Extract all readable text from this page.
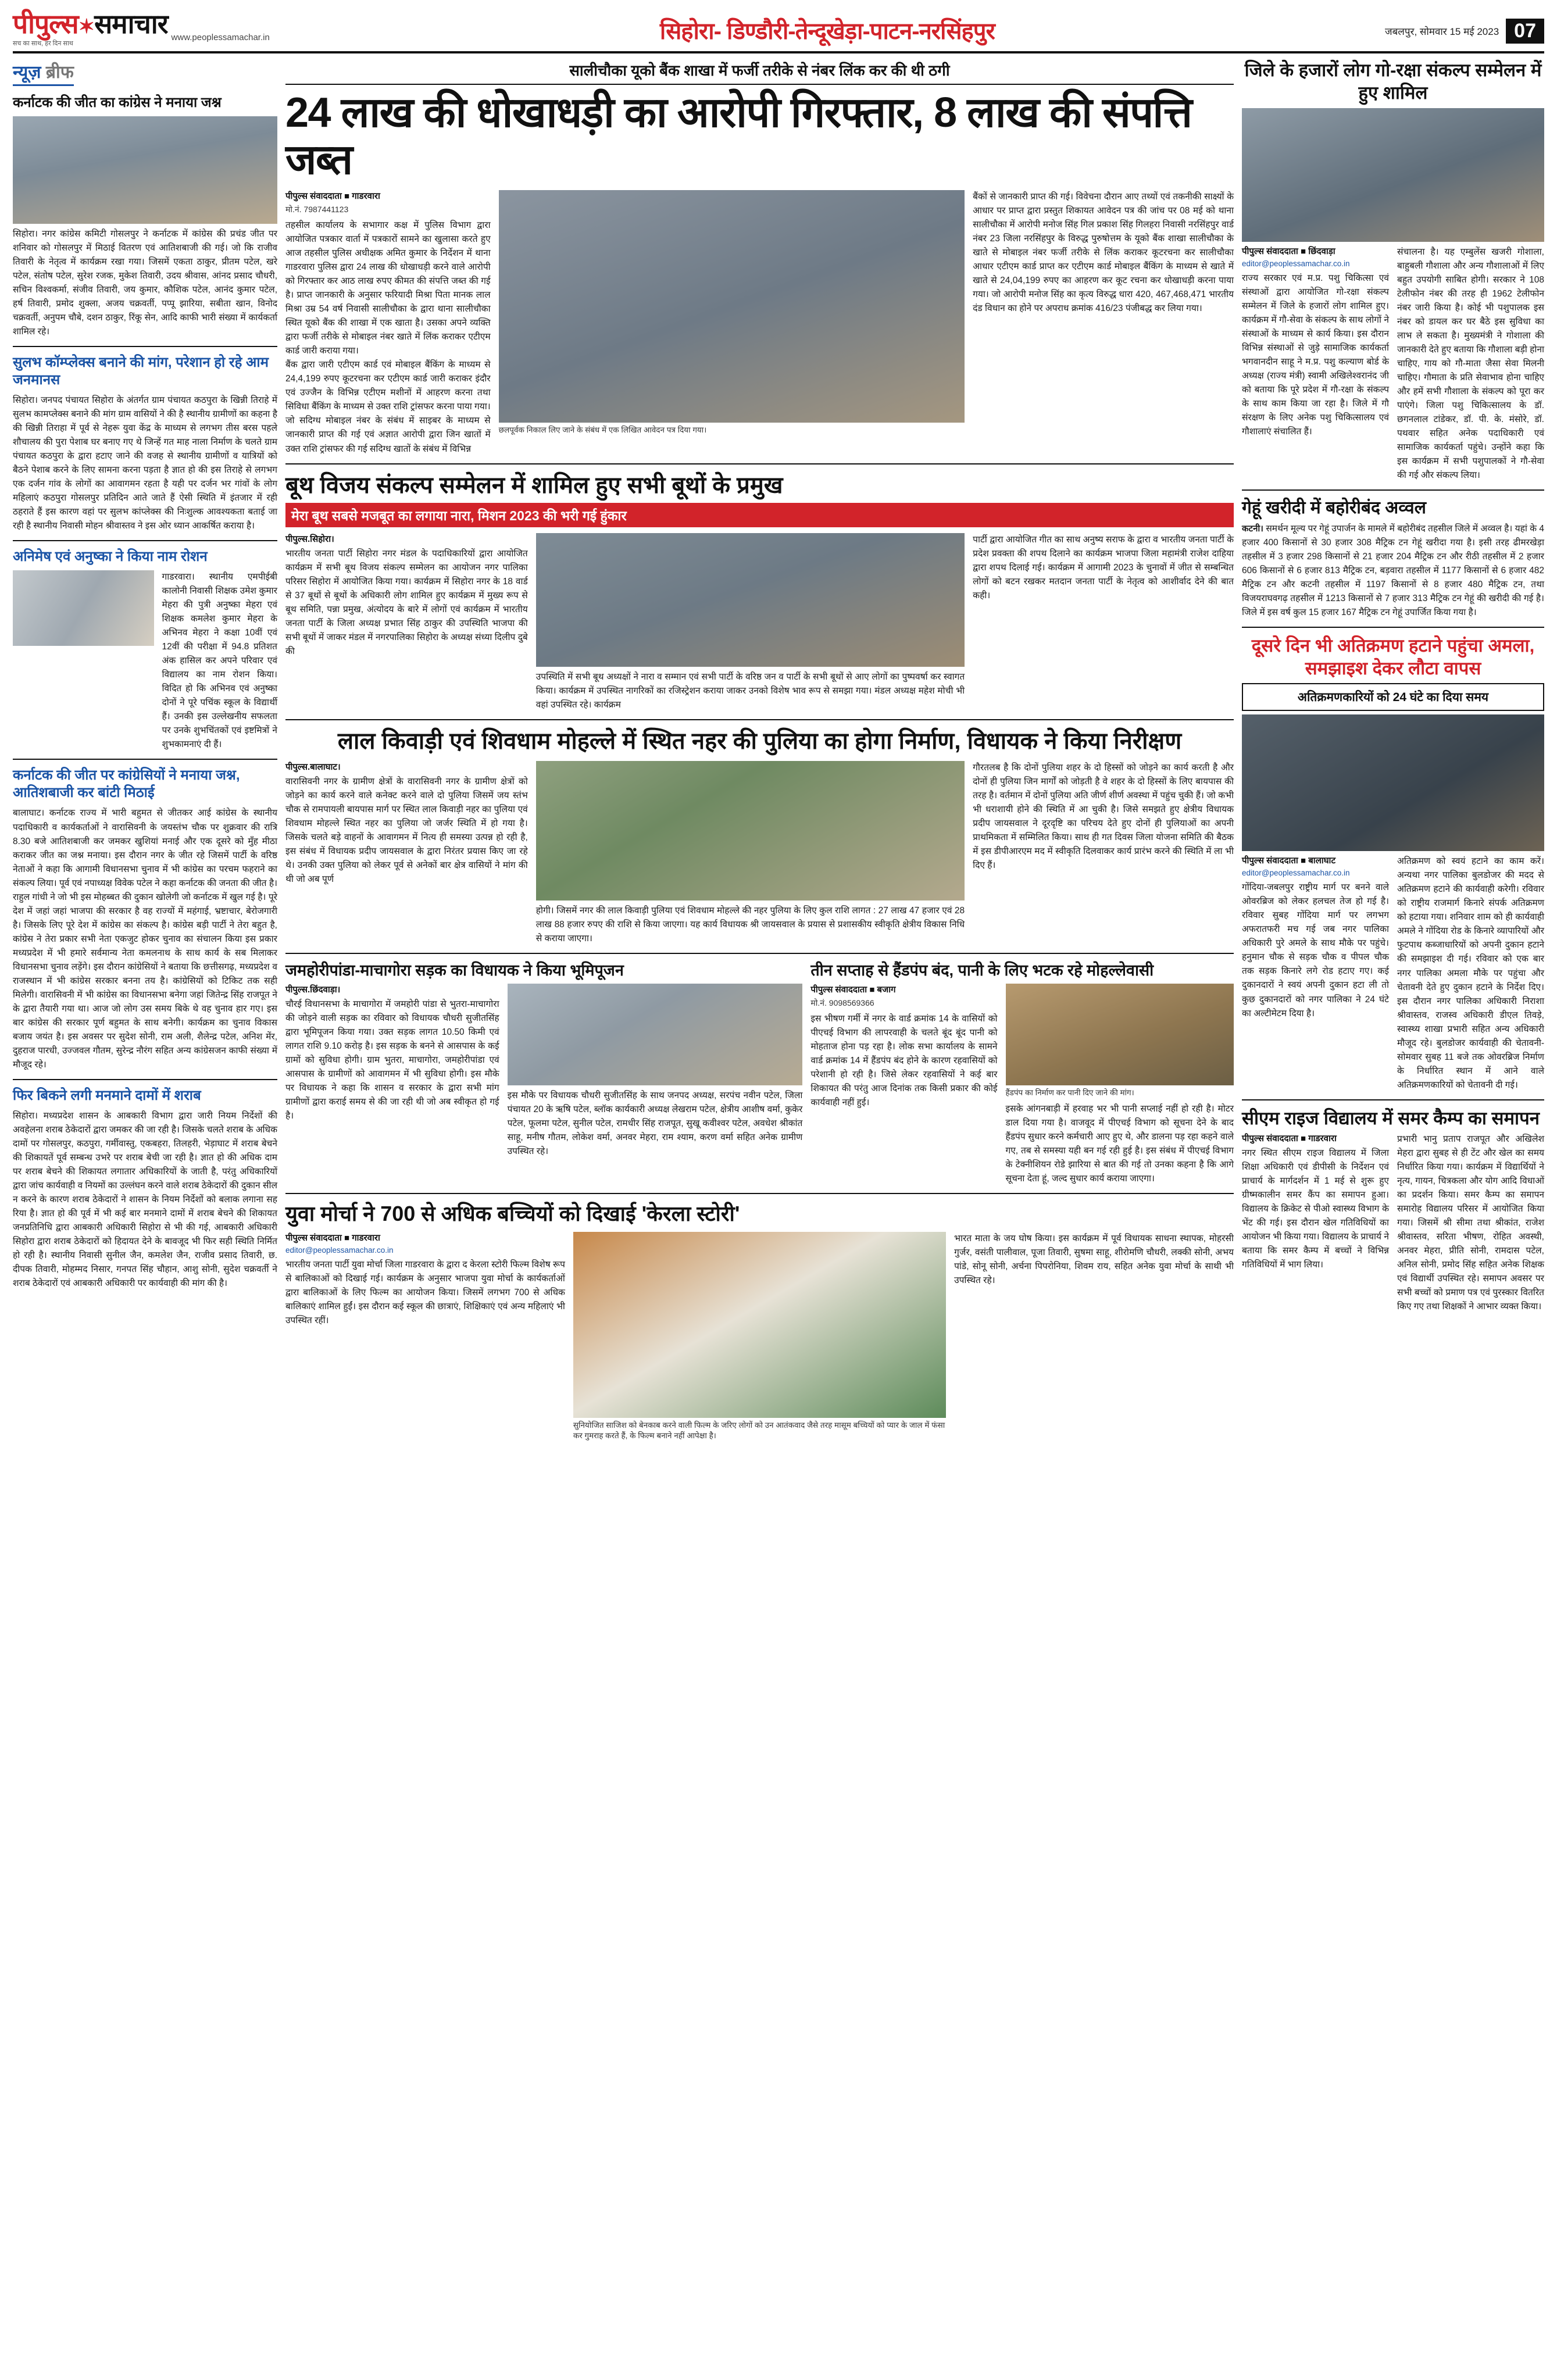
पीपुल्स✶समाचार
सच का साथ, हर दिन साथ
www.peoplessamachar.in	सिहोरा- डिण्डौरी-तेन्दूखेड़ा-पाटन-नरसिंहपुर	जबलपुर, सोमवार 15 मई 2023 07
न्यूज़ ब्रीफ
कर्नाटक की जीत का कांग्रेस ने मनाया जश्न
सिहोरा। नगर कांग्रेस कमिटी गोसलपुर ने कर्नाटक में कांग्रेस की प्रचंड जीत पर शनिवार को गोसलपुर में मिठाई वितरण एवं आतिशबाजी की गई। जो कि राजीव तिवारी के नेतृत्व में कार्यक्रम रखा गया। जिसमें एकता ठाकुर, प्रीतम पटेल, खरे पटेल, संतोष पटेल, सुरेश रजक, मुकेश तिवारी, उदय श्रीवास, आंनद प्रसाद चौधरी, सचिन विश्वकर्मा, संजीव तिवारी, जय कुमार, कौशिक पटेल, आनंद कुमार पटेल, हर्ष तिवारी, प्रमोद शुक्ला, अजय चक्रवर्ती, पप्पू झारिया, सबीता खान, विनोद चक्रवर्ती, अनुपम चौबे, दशन ठाकुर, रिंकू सेन, आदि काफी भारी संख्या में कार्यकर्ता शामिल रहे।
सुलभ कॉम्प्लेक्स बनाने की मांग, परेशान हो रहे आम जनमानस
सिहोरा। जनपद पंचायत सिहोरा के अंतर्गत ग्राम पंचायत कठपुरा के खिन्नी तिराहे में सुलभ कामप्लेक्स बनाने की मांग ग्राम वासियों ने की है स्थानीय ग्रामीणों का कहना है की खिन्नी तिराहा में पूर्व से नेहरू युवा केंद्र के माध्यम से लगभग तीस बरस पहले शौचालय की पुरा पेशाब घर बनाए गए थे जिन्हें गत माह नाला निर्माण के चलते ग्राम पंचायत कठपुरा के द्वारा हटाए जाने की वजह से स्थानीय ग्रामीणों व यात्रियों को बैठने पेशाब करने के लिए सामना करना पड़ता है ज्ञात हो की इस तिराहे से लगभग एक दर्जन गांव के लोगों का आवागमन रहता है यही पर दर्जन भर गांवों के लोग महिलाएं कठपुरा गोसलपुर प्रतिदिन आते जाते हैं ऐसी स्थिति में इंतजार में रही ठहराते हैं इस कारण वहां पर सुलभ कांप्लेक्स की निःशुल्क आवश्यकता बताई जा रही है स्थानीय निवासी मोहन श्रीवास्तव ने इस ओर ध्यान आकर्षित कराया है।
अनिमेष एवं अनुष्का ने किया नाम रोशन
गाडरवारा। स्थानीय एमपीईबी कालोनी निवासी शिक्षक उमेश कुमार मेहरा की पुत्री अनुष्का मेहरा एवं शिक्षक कमलेश कुमार मेहरा के अभिनव मेहरा ने कक्षा 10वीं एवं 12वीं की परीक्षा में 94.8 प्रतिशत अंक हासिल कर अपने परिवार एवं विद्यालय का नाम रोशन किया। विदित हो कि अभिनव एवं अनुष्का दोनों ने पूरे पचिंक स्कूल के विद्यार्थी हैं। उनकी इस उल्लेखनीय सफलता पर उनके शुभचिंतकों एवं इष्टमित्रों ने शुभकामनाएं दी हैं।
कर्नाटक की जीत पर कांग्रेसियों ने मनाया जश्न, आतिशबाजी कर बांटी मिठाई
बालाघाट। कर्नाटक राज्य में भारी बहुमत से जीतकर आई कांग्रेस के स्थानीय पदाधिकारी व कार्यकर्ताओं ने वारासिवनी के जयस्तंभ चौक पर शुक्रवार की रात्रि 8.30 बजे आतिशबाजी कर जमकर खुशियां मनाई और एक दूसरे को मुँह मीठा कराकर जीत का जश्न मनाया। इस दौरान नगर के जीत रहे जिसमें पार्टी के वरिष्ठ नेताओं ने कहा कि आगामी विधानसभा चुनाव में भी कांग्रेस का परचम फहराने का संकल्प लिया। पूर्व एवं नपाध्यक्ष विवेक पटेल ने कहा कर्नाटक की जनता की जीत है। राहुल गांधी ने जो भी इस मोहब्बत की दुकान खोलेगी जो कर्नाटक में खुल गई है। पूरे देश में जहां जहां भाजपा की सरकार है वह राज्यों में महंगाई, भ्रष्टाचार, बेरोजगारी है। जिसके लिए पूरे देश में कांग्रेस का संकल्प है। कांग्रेस बड़ी पार्टी ने तेरा बहुत है, कांग्रेस ने तेरा प्रकार सभी नेता एकजुट होकर चुनाव का संचालन किया इस प्रकार मध्यप्रदेश में भी हमारे सर्वमान्य नेता कमलनाथ के साथ कार्य के सब मिलाकर विधानसभा चुनाव लड़ेंगे। इस दौरान कांग्रेसियों ने बताया कि छत्तीसगढ़, मध्यप्रदेश व राजस्थान में भी कांग्रेस सरकार बनना तय है। कांग्रेसियों को टिकिट तक सही मिलेगी। वारासिवनी में भी कांग्रेस का विधानसभा बनेगा जहां जितेन्द्र सिंह राजपूत ने के द्वारा तैयारी गया था। आज जो लोग उस समय बिके थे वह चुनाव हार गए। इस बार कांग्रेस की सरकार पूर्ण बहुमत के साथ बनेगी। कार्यक्रम का चुनाव विकास बजाय जयंत है। इस अवसर पर सुदेश सोनी, राम अली, शैलेन्द्र पटेल, अनिश मेंर, दुहराज पारधी, उज्जवल गौतम, सुरेन्द्र नौरंग सहित अन्य कांग्रेसजन काफी संख्या में मौजूद रहे।
फिर बिकने लगी मनमाने दामों में शराब
सिहोरा। मध्यप्रदेश शासन के आबकारी विभाग द्वारा जारी नियम निर्देशों की अवहेलना शराब ठेकेदारों द्वारा जमकर की जा रही है। जिसके चलते शराब के अधिक दामों पर गोसलपुर, कठपुरा, गर्मीवास्तु, एकबहरा, तिलहरी, भेड़ाघाट में शराब बेचने की शिकायतें पूर्व सम्बन्ध उभरे पर शराब बेची जा रही है। ज्ञात हो की अधिक दाम पर शराब बेचने की शिकायत लगातार अधिकारियों के जाती है, परंतु अधिकारियों द्वारा जांच कार्यवाही व नियमों का उल्लंघन करने वाले शराब ठेकेदारों की दुकान सील न करने के कारण शराब ठेकेदारों ने शासन के नियम निर्देशों को बलाक लगाना सह रिया है। ज्ञात हो की पूर्व में भी कई बार मनमाने दामों में शराब बेचने की शिकायत जनप्रतिनिधि द्वारा आबकारी अधिकारी सिहोरा से भी की गई, आबकारी अधिकारी सिहोरा द्वारा शराब ठेकेदारों को हिदायत देने के बावजूद भी फिर सही स्थिति निर्मित हो रही है। स्थानीय निवासी सुनील जैन, कमलेश जैन, राजीव प्रसाद तिवारी, छ. दीपक तिवारी, मोहम्मद निसार, गनपत सिंह चौहान, आशु सोनी, सुदेश चक्रवर्ती ने शराब ठेकेदारों एवं आबकारी अधिकारी पर कार्यवाही की मांग की है।
सालीचौका यूको बैंक शाखा में फर्जी तरीके से नंबर लिंक कर की थी ठगी
24 लाख की धोखाधड़ी का आरोपी गिरफ्तार, 8 लाख की संपत्ति जब्त
पीपुल्स संवाददाता ■ गाडरवारा
मो.नं. 7987441123
तहसील कार्यालय के सभागार कक्ष में पुलिस विभाग द्वारा आयोजित पत्रकार वार्ता में पत्रकारों सामने का खुलासा करते हुए आज तहसील पुलिस अधीक्षक अमित कुमार के निर्देशन में थाना गाडरवारा पुलिस द्वारा 24 लाख की धोखाधड़ी करने वाले आरोपी को गिरफ्तार कर आठ लाख रुपए कीमत की संपत्ति जब्त की गई है। प्राप्त जानकारी के अनुसार फरियादी मिश्रा पिता मानक लाल मिश्रा उम्र 54 वर्ष निवासी सालीचौका के द्वारा थाना सालीचौका स्थित यूको बैंक की शाखा में एक खाता है। उसका अपने व्यक्ति द्वारा फर्जी तरीके से मोबाइल नंबर खाते में लिंक कराकर एटीएम कार्ड जारी कराया गया।
बैंक द्वारा जारी एटीएम कार्ड एवं मोबाइल बैंकिंग के माध्यम से 24,4,199 रुपए कूटरचना कर एटीएम कार्ड जारी कराकर इंदौर एवं उज्जैन के विभिन्न एटीएम मशीनों में आहरण करना तथा सिविधा बैंकिंग के माध्यम से उक्त राशि ट्रांसफर करना पाया गया। जो सदिग्ध मोबाइल नंबर के संबंध में साइबर के माध्यम से जानकारी प्राप्त की गई एवं अज्ञात आरोपी द्वारा जिन खातों में उक्त राशि ट्रांसफर की गई सदिग्ध खातों के संबंध में विभिन्न
छलपूर्वक निकाल लिए जाने के संबंध में एक लिखित आवेदन पत्र दिया गया।
बैंकों से जानकारी प्राप्त की गई। विवेचना दौरान आए तथ्यों एवं तकनीकी साक्ष्यों के आधार पर प्राप्त द्वारा प्रस्तुत शिकायत आवेदन पत्र की जांच पर 08 मई को थाना सालीचौका में आरोपी मनोज सिंह गिल प्रकाश सिंह गिलहरा निवासी नरसिंहपुर वार्ड नंबर 23 जिला नरसिंहपुर के विरुद्ध पुरुषोत्तम के यूको बैंक शाखा सालीचौका के खाते से मोबाइल नंबर फर्जी तरीके से लिंक कराकर कूटरचना कर सालीचौका आधार एटीएम कार्ड प्राप्त कर एटीएम कार्ड मोबाइल बैंकिंग के माध्यम से खाते में खाते से 24,04,199 रुपए का आहरण कर कूट रचना कर धोखाधड़ी करना पाया गया। जो आरोपी मनोज सिंह का कृत्य विरुद्ध धारा 420, 467,468,471 भारतीय दंड विधान का होने पर अपराध क्रमांक 416/23 पंजीबद्ध कर लिया गया।
बूथ विजय संकल्प सम्मेलन में शामिल हुए सभी बूथों के प्रमुख
मेरा बूथ सबसे मजबूत का लगाया नारा, मिशन 2023 की भरी गई हुंकार
पीपुल्स.सिहोरा।
भारतीय जनता पार्टी सिहोरा नगर मंडल के पदाधिकारियों द्वारा आयोजित कार्यक्रम में सभी बूथ विजय संकल्प सम्मेलन का आयोजन नगर पालिका परिसर सिहोरा में आयोजित किया गया। कार्यक्रम में सिहोरा नगर के 18 वार्ड से 37 बूथों से बूथों के अधिकारी लोग शामिल हुए कार्यक्रम में मुख्य रूप से बूथ समिति, पन्ना प्रमुख, अंत्योदय के बारे में लोगों एवं कार्यक्रम में भारतीय जनता पार्टी के जिला अध्यक्ष प्रभात सिंह ठाकुर की उपस्थिति भाजपा की सभी बूथों में जाकर मंडल में नगरपालिका सिहोरा के अध्यक्ष संध्या दिलीप दुबे की
उपस्थिति में सभी बूथ अध्यक्षों ने नारा व सम्मान एवं सभी पार्टी के वरिष्ठ जन व पार्टी के सभी बूथों से आए लोगों का पुष्पवर्षा कर स्वागत किया। कार्यक्रम में उपस्थित नागरिकों का रजिस्ट्रेशन कराया जाकर उनको विशेष भाव रूप से समझा गया। मंडल अध्यक्ष महेश मोची भी वहां उपस्थित रहे। कार्यक्रम
पार्टी द्वारा आयोजित गीत का साथ अनुष्य सराफ के द्वारा व भारतीय जनता पार्टी के प्रदेश प्रवक्ता की शपथ दिलाने का कार्यक्रम भाजपा जिला महामंत्री राजेश दाहिया द्वारा शपथ दिलाई गई। कार्यक्रम में आगामी 2023 के चुनावों में जीत से सम्बन्धित लोगों को बटन रखकर मतदान जनता पार्टी के नेतृत्व को आशीर्वाद देने की बात कही।
लाल किवाड़ी एवं शिवधाम मोहल्ले में स्थित नहर की पुलिया का होगा निर्माण, विधायक ने किया निरीक्षण
पीपुल्स.बालाघाट।
वारासिवनी नगर के ग्रामीण क्षेत्रों के वारासिवनी नगर के ग्रामीण क्षेत्रों को जोड़ने का कार्य करने वाले कनेक्ट करने वाले दो पुलिया जिसमें जय स्तंभ चौक से रामपायली बायपास मार्ग पर स्थित लाल किवाड़ी नहर का पुलिया एवं शिवधाम मोहल्ले स्थित नहर का पुलिया जो जर्जर स्थिति में हो गया है। जिसके चलते बड़े वाहनों के आवागमन में नित्य ही समस्या उत्पन्न हो रही है, इस संबंध में विधायक प्रदीप जायसवाल के द्वारा निरंतर प्रयास किए जा रहे थे। उनकी उक्त पुलिया को लेकर पूर्व से अनेकों बार क्षेत्र वासियों ने मांग की थी जो अब पूर्ण
होगी। जिसमें नगर की लाल किवाड़ी पुलिया एवं शिवधाम मोहल्ले की नहर पुलिया के लिए कुल राशि लागत : 27 लाख 47 हजार एवं 28 लाख 88 हजार रुपए की राशि से किया जाएगा। यह कार्य विधायक श्री जायसवाल के प्रयास से प्रशासकीय स्वीकृति क्षेत्रीय विकास निधि से कराया जाएगा।
गौरतलब है कि दोनों पुलिया शहर के दो हिस्सों को जोड़ने का कार्य करती है और दोनों ही पुलिया जिन मार्गों को जोड़ती है वे शहर के दो हिस्सों के लिए बायपास की तरह है। वर्तमान में दोनों पुलिया अति जीर्ण शीर्ण अवस्था में पहुंच चुकी हैं। जो कभी भी धराशायी होने की स्थिति में आ चुकी है। जिसे समझते हुए क्षेत्रीय विधायक प्रदीप जायसवाल ने दूरदृष्टि का परिचय देते हुए दोनों ही पुलियाओं का अपनी प्राथमिकता में सम्मिलित किया। साथ ही गत दिवस जिला योजना समिति की बैठक में इस डीपीआरएम मद में स्वीकृति दिलवाकर कार्य प्रारंभ करने की स्थिति में ला भी दिए हैं।
जमहोरीपांडा-माचागोरा सड़क का विधायक ने किया भूमिपूजन
पीपुल्स.छिंदवाड़ा।
चौरई विधानसभा के माचागोरा में जमहोरी पांडा से भुतरा-माचागोरा की जोड़ने वाली सड़क का रविवार को विधायक चौधरी सुजीतसिंह द्वारा भूमिपूजन किया गया। उक्त सड़क लागत 10.50 किमी एवं लागत राशि 9.10 करोड़ है। इस सड़क के बनने से आसपास के कई ग्रामों को सुविधा होगी। ग्राम भुतरा, माचागोरा, जमहोरीपांडा एवं आसपास के ग्रामीणों को आवागमन में भी सुविधा होगी। इस मौके पर विधायक ने कहा कि शासन व सरकार के द्वारा सभी मांग ग्रामीणों द्वारा कराई समय से की जा रही थी जो अब स्वीकृत हो गई है।
इस मौके पर विधायक चौधरी सुजीतसिंह के साथ जनपद अध्यक्ष, सरपंच नवीन पटेल, जिला पंचायत 20 के ऋषि पटेल, ब्लॉक कार्यकारी अध्यक्ष लेखराम पटेल, क्षेत्रीय आशीष वर्मा, कुकेर पटेल, फूलमा पटेल, सुनील पटेल, रामधीर सिंह राजपूत, सुखू कवीश्वर पटेल, अवधेश श्रीकांत साहू, मनीष गौतम, लोकेश वर्मा, अनवर मेहरा, राम श्याम, करण वर्मा सहित अनेक ग्रामीण उपस्थित रहे।
तीन सप्ताह से हैंडपंप बंद, पानी के लिए भटक रहे मोहल्लेवासी
पीपुल्स संवाददाता ■ बजाग
मो.नं. 9098569366
इस भीषण गर्मी में नगर के वार्ड क्रमांक 14 के वासियों को पीएचई विभाग की लापरवाही के चलते बूंद बूंद पानी को मोहताज होना पड़ रहा है। लोक सभा कार्यालय के सामने वार्ड क्रमांक 14 में हैंडपंप बंद होने के कारण रहवासियों को परेशानी हो रही है। जिसे लेकर रहवासियों ने कई बार शिकायत की परंतु आज दिनांक तक किसी प्रकार की कोई कार्यवाही नहीं हुई।
हैंडपंप का निर्माण कर पानी दिए जाने की मांग।
इसके आंगनबाड़ी में हरवाह भर भी पानी सप्लाई नहीं हो रही है। मोटर डाल दिया गया है। वाजवूद में पीएचई विभाग को सूचना देने के बाद हैंडपंप सुधार करने कर्मचारी आए हुए थे, और डालना पड़ रहा कहने वाले गए, तब से समस्या यही बन गई रही हुई है। इस संबंध में पीएचई विभाग के टेक्नीशियन रोडे झारिया से बात की गई तो उनका कहना है कि आगे सूचना देता हूं, जल्द सुधार कार्य कराया जाएगा।
युवा मोर्चा ने 700 से अधिक बच्चियों को दिखाई 'केरला स्टोरी'
पीपुल्स संवाददाता ■ गाडरवारा
editor@peoplessamachar.co.in
भारतीय जनता पार्टी युवा मोर्चा जिला गाडरवारा के द्वारा द केरला स्टोरी फिल्म विशेष रूप से बालिकाओं को दिखाई गई। कार्यक्रम के अनुसार भाजपा युवा मोर्चा के कार्यकर्ताओं द्वारा बालिकाओं के लिए फिल्म का आयोजन किया। जिसमें लगभग 700 से अधिक बालिकाएं शामिल हुईं। इस दौरान कई स्कूल की छात्राएं, शिक्षिकाएं एवं अन्य महिलाएं भी उपस्थित रहीं।
सुनियोजित साजिश को बेनकाब करने वाली फिल्म के जरिए लोगों को उन आतंकवाद जैसे तरह मासूम बच्चियों को प्यार के जाल में फंसा कर गुमराह करते हैं, के फिल्म बनाने नहीं आपेक्षा है।
भारत माता के जय घोष किया। इस कार्यक्रम में पूर्व विधायक साधना स्थापक, मोहरसी गुर्जर, वसंती पालीवाल, पूजा तिवारी, सुषमा साहू, शीरोमणि चौधरी, लक्की सोनी, अभय पांडे, सोनू सोनी, अर्चना पिपरोनिया, शिवम राय, सहित अनेक युवा मोर्चा के साथी भी उपस्थित रहे।
जिले के हजारों लोग गो-रक्षा संकल्प सम्मेलन में हुए शामिल
पीपुल्स संवाददाता ■ छिंदवाड़ा
editor@peoplessamachar.co.in
राज्य सरकार एवं म.प्र. पशु चिकित्सा एवं संस्थाओं द्वारा आयोजित गो-रक्षा संकल्प सम्मेलन में जिले के हजारों लोग शामिल हुए। कार्यक्रम में गौ-सेवा के संकल्प के साथ लोगों ने संस्थाओं के माध्यम से कार्य किया। इस दौरान विभिन्न संस्थाओं से जुड़े सामाजिक कार्यकर्ता भगवानदीन साहू ने म.प्र. पशु कल्याण बोर्ड के अध्यक्ष (राज्य मंत्री) स्वामी अखिलेश्वरानंद जी को बताया कि पूरे प्रदेश में गौ-रक्षा के संकल्प के साथ काम किया जा रहा है। जिले में गौ संरक्षण के लिए अनेक पशु चिकित्सालय एवं गौशालाएं संचालित हैं।
संचालना है। यह एम्बुलेंस खजरी गोशाला, बाहुबली गौशाला और अन्य गौशालाओं में लिए बहुत उपयोगी साबित होगी। सरकार ने 108 टेलीफोन नंबर की तरह ही 1962 टेलीफोन नंबर जारी किया है। कोई भी पशुपालक इस नंबर को डायल कर घर बैठे इस सुविधा का लाभ ले सकता है। मुख्यमंत्री ने गोशाला की जानकारी देते हुए बताया कि गौशाला बड़ी होना चाहिए, गाय को गौ-माता जैसा सेवा मिलनी चाहिए। गौमाता के प्रति सेवाभाव होना चाहिए और हमें सभी गौशाला के संकल्प को पूरा कर पाएंगे। जिला पशु चिकित्सालय के डॉ. छगनलाल टांडेकर, डॉ. पी. के. मंसोरे, डॉ. पथवार सहित अनेक पदाधिकारी एवं सामाजिक कार्यकर्ता पहुंचे। उन्होंने कहा कि इस कार्यक्रम में सभी पशुपालकों ने गौ-सेवा की गई और संकल्प लिया।
गेहूं खरीदी में बहोरीबंद अव्वल
कटनी। समर्थन मूल्य पर गेहूं उपार्जन के मामले में बहोरीबंद तहसील जिले में अव्वल है। यहां के 4 हजार 400 किसानों से 30 हजार 308 मैट्रिक टन गेहूं खरीदा गया है। इसी तरह ढीमरखेड़ा तहसील में 3 हजार 298 किसानों से 21 हजार 204 मैट्रिक टन और रीठी तहसील में 2 हजार 606 किसानों से 6 हजार 813 मैट्रिक टन, बड़वारा तहसील में 1177 किसानों से 6 हजार 482 मैट्रिक टन और कटनी तहसील में 1197 किसानों से 8 हजार 480 मैट्रिक टन, तथा विजयराघवगढ़ तहसील में 1213 किसानों से 7 हजार 313 मैट्रिक टन गेहूं की खरीदी की गई है। जिले में इस वर्ष कुल 15 हजार 167 मैट्रिक टन गेहूं उपार्जित किया गया है।
दूसरे दिन भी अतिक्रमण हटाने पहुंचा अमला, समझाइश देकर लौटा वापस
अतिक्रमणकारियों को 24 घंटे का दिया समय
पीपुल्स संवाददाता ■ बालाघाट
editor@peoplessamachar.co.in
गोंदिया-जबलपुर राष्ट्रीय मार्ग पर बनने वाले ओवरब्रिज को लेकर हलचल तेज हो गई है। रविवार सुबह गोंदिया मार्ग पर लगभग अफरातफरी मच गई जब नगर पालिका अधिकारी पुरे अमले के साथ मौके पर पहुंचे। हनुमान चौक से सड़क चौक व पीपल चौक तक सड़क किनारे लगे रोड हटाए गए। कई दुकानदारों ने स्वयं अपनी दुकान हटा ली तो कुछ दुकानदारों को नगर पालिका ने 24 घंटे का अल्टीमेटम दिया है।
अतिक्रमण को स्वयं हटाने का काम करें। अन्यथा नगर पालिका बुलडोजर की मदद से अतिक्रमण हटाने की कार्यवाही करेगी। रविवार को राष्ट्रीय राजमार्ग किनारे संपर्क अतिक्रमण को हटाया गया। शनिवार शाम को ही कार्यवाही अमले ने गोंदिया रोड के किनारे व्यापारियों और फुटपाथ कब्जाधारियों को अपनी दुकान हटाने की समझाइश दी गई। रविवार को एक बार नगर पालिका अमला मौके पर पहुंचा और चेतावनी देते हुए दुकान हटाने के निर्देश दिए। इस दौरान नगर पालिका अधिकारी निराशा श्रीवास्तव, राजस्व अधिकारी डीएल तिवड़े, स्वास्थ्य शाखा प्रभारी सहित अन्य अधिकारी मौजूद रहे। बुलडोजर कार्यवाही की चेतावनी- सोमवार सुबह 11 बजे तक ओवरब्रिज निर्माण के निर्धारित स्थान में आने वाले अतिक्रमणकारियों को चेतावनी दी गई।
सीएम राइज विद्यालय में समर कैम्प का समापन
पीपुल्स संवाददाता ■ गाडरवारा
नगर स्थित सीएम राइज विद्यालय में जिला शिक्षा अधिकारी एवं डीपीसी के निर्देशन एवं प्राचार्य के मार्गदर्शन में 1 मई से शुरू हुए ग्रीष्मकालीन समर कैंप का समापन हुआ। विद्यालय के क्रिकेट से पीओ स्वास्थ्य विभाग के भेंट की गई। इस दौरान खेल गतिविधियों का आयोजन भी किया गया। विद्यालय के प्राचार्य ने बताया कि समर कैम्प में बच्चों ने विभिन्न गतिविधियों में भाग लिया।
प्रभारी भानु प्रताप राजपूत और अखिलेश मेहरा द्वारा सुबह से ही टेंट और खेल का समय निर्धारित किया गया। कार्यक्रम में विद्यार्थियों ने नृत्य, गायन, चित्रकला और योग आदि विधाओं का प्रदर्शन किया। समर कैम्प का समापन समारोह विद्यालय परिसर में आयोजित किया गया। जिसमें श्री सीमा तथा श्रीकांत, राजेश श्रीवास्तव, सरिता भीषण, रोहित अवस्थी, अनवर मेहरा, प्रीति सोनी, रामदास पटेल, अनिल सोनी, प्रमोद सिंह सहित अनेक शिक्षक एवं विद्यार्थी उपस्थित रहे। समापन अवसर पर सभी बच्चों को प्रमाण पत्र एवं पुरस्कार वितरित किए गए तथा शिक्षकों ने आभार व्यक्त किया।
